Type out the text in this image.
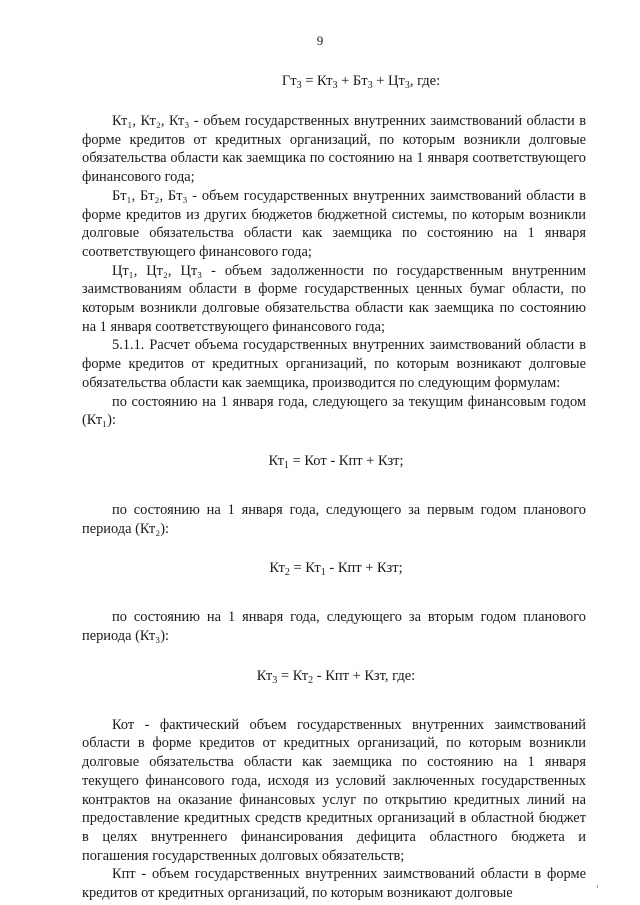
9
$Гт_3 = Кт_3 + Бт_3 + Цт_3$, где:

Кт₁, Кт₂, Кт₃ - объем государственных внутренних заимствований области в форме кредитов от кредитных организаций, по которым возникли долговые обязательства области как заемщика по состоянию на 1 января соответствующего финансового года;

Бт₁, Бт₂, Бт₃ - объем государственных внутренних заимствований области в форме кредитов из других бюджетов бюджетной системы, по которым возникли долговые обязательства области как заемщика по состоянию на 1 января соответствующего финансового года;

Цт₁, Цт₂, Цт₃ - объем задолженности по государственным внутренним заимствованиям области в форме государственных ценных бумаг области, по которым возникли долговые обязательства области как заемщика по состоянию на 1 января соответствующего финансового года;

5.1.1. Расчет объема государственных внутренних заимствований области в форме кредитов от кредитных организаций, по которым возникают долговые обязательства области как заемщика, производится по следующим формулам:

по состоянию на 1 января года, следующего за текущим финансовым годом (Кт₁):

$Кт_1$ = Кот - Кпт + Кзт;

по состоянию на 1 января года, следующего за первым годом планового периода (Кт₂):

$Кт_2 = Кт_1$ - Кпт + Кзт;

по состоянию на 1 января года, следующего за вторым годом планового периода (Кт₃):

$Кт_3 = Кт_2$ - Кпт + Кзт, где:

Кот - фактический объем государственных внутренних заимствований области в форме кредитов от кредитных организаций, по которым возникли долговые обязательства области как заемщика по состоянию на 1 января текущего финансового года, исходя из условий заключенных государственных контрактов на оказание финансовых услуг по открытию кредитных линий на предоставление кредитных средств кредитных организаций в областной бюджет в целях внутреннего финансирования дефицита областного бюджета и погашения государственных долговых обязательств;

Кпт - объем государственных внутренних заимствований области в форме кредитов от кредитных организаций, по которым возникают долговые
